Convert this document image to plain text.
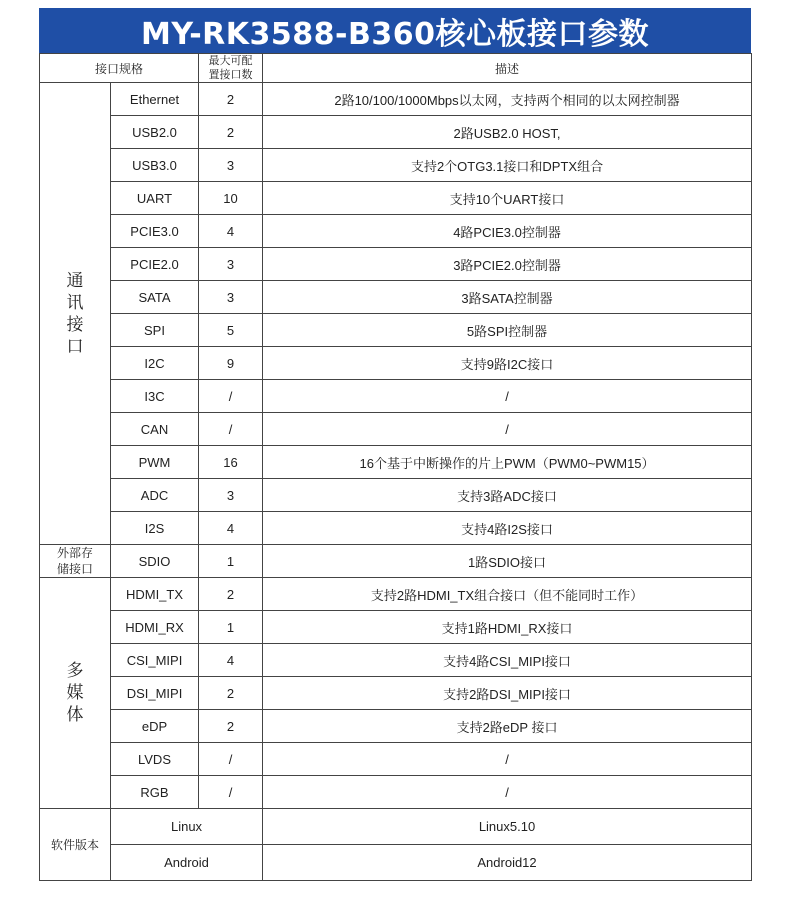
MY-RK3588-B360核心板接口参数
接口规格		最大可配
置接口数	描述
通
讯
接
口	Ethernet	2	2路10/100/1000Mbps以太网，支持两个相同的以太网控制器
	USB2.0	2	2路USB2.0 HOST,
	USB3.0	3	支持2个OTG3.1接口和DPTX组合
	UART	10	支持10个UART接口
	PCIE3.0	4	4路PCIE3.0控制器
	PCIE2.0	3	3路PCIE2.0控制器
	SATA	3	3路SATA控制器
	SPI	5	5路SPI控制器
	I2C	9	支持9路I2C接口
	I3C	/	/
	CAN	/	/
	PWM	16	16个基于中断操作的片上PWM（PWM0~PWM15）
	ADC	3	支持3路ADC接口
	I2S	4	支持4路I2S接口
外部存
储接口	SDIO	1	1路SDIO接口
多
媒
体	HDMI_TX	2	支持2路HDMI_TX组合接口（但不能同时工作）
	HDMI_RX	1	支持1路HDMI_RX接口
	CSI_MIPI	4	支持4路CSI_MIPI接口
	DSI_MIPI	2	支持2路DSI_MIPI接口
	eDP	2	支持2路eDP 接口
	LVDS	/	/
	RGB	/	/
软件版本	Linux		Linux5.10
	Android		Android12
